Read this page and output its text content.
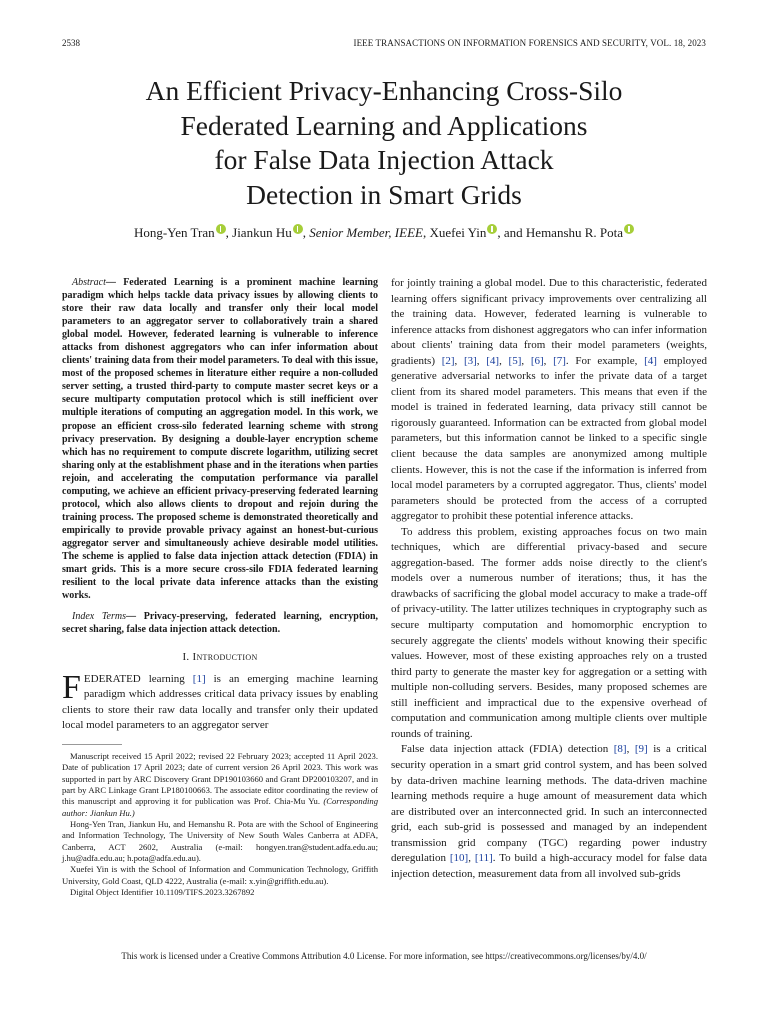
2538	IEEE TRANSACTIONS ON INFORMATION FORENSICS AND SECURITY, VOL. 18, 2023
An Efficient Privacy-Enhancing Cross-Silo
Federated Learning and Applications
for False Data Injection Attack
Detection in Smart Grids
Hong-Yen Tran , Jiankun Hu , Senior Member, IEEE, Xuefei Yin , and Hemanshu R. Pota

Abstract— Federated Learning is a prominent machine learning paradigm which helps tackle data privacy issues by allowing clients to store their raw data locally and transfer only their local model parameters to an aggregator server to collaboratively train a shared global model. However, federated learning is vulnerable to inference attacks from dishonest aggregators who can infer information about clients' training data from their model parameters. To deal with this issue, most of the proposed schemes in literature either require a non-colluded server setting, a trusted third-party to compute master secret keys or a secure multiparty computation protocol which is still inefficient over multiple iterations of computing an aggregation model. In this work, we propose an efficient cross-silo federated learning scheme with strong privacy preservation. By designing a double-layer encryption scheme which has no requirement to compute discrete logarithm, utilizing secret sharing only at the establishment phase and in the iterations when parties rejoin, and accelerating the computation performance via parallel computing, we achieve an efficient privacy-preserving federated learning protocol, which also allows clients to dropout and rejoin during the training process. The proposed scheme is demonstrated theoretically and empirically to provide provable privacy against an honest-but-curious aggregator server and simultaneously achieve desirable model utilities. The scheme is applied to false data injection attack detection (FDIA) in smart grids. This is a more secure cross-silo FDIA federated learning resilient to the local private data inference attacks than the existing works.

Index Terms— Privacy-preserving, federated learning, encryption, secret sharing, false data injection attack detection.

I. Introduction

FEDERATED learning [1] is an emerging machine learning paradigm which addresses critical data privacy issues by enabling clients to store their raw data locally and transfer only their updated local model parameters to an aggregator server

Manuscript received 15 April 2022; revised 22 February 2023; accepted 11 April 2023. Date of publication 17 April 2023; date of current version 26 April 2023. This work was supported in part by ARC Discovery Grant DP190103660 and Grant DP200103207, and in part by ARC Linkage Grant LP180100663. The associate editor coordinating the review of this manuscript and approving it for publication was Prof. Chia-Mu Yu. (Corresponding author: Jiankun Hu.)

Hong-Yen Tran, Jiankun Hu, and Hemanshu R. Pota are with the School of Engineering and Information Technology, The University of New South Wales Canberra at ADFA, Canberra, ACT 2602, Australia (e-mail: hongyen.tran@student.adfa.edu.au; j.hu@adfa.edu.au; h.pota@adfa.edu.au).

Xuefei Yin is with the School of Information and Communication Technology, Griffith University, Gold Coast, QLD 4222, Australia (e-mail: x.yin@griffith.edu.au).

Digital Object Identifier 10.1109/TIFS.2023.3267892

for jointly training a global model. Due to this characteristic, federated learning offers significant privacy improvements over centralizing all the training data. However, federated learning is vulnerable to inference attacks from dishonest aggregators who can infer information about clients' training data from their model parameters (weights, gradients) [2], [3], [4], [5], [6], [7]. For example, [4] employed generative adversarial networks to infer the private data of a target client from its shared model parameters. This means that even if the model is trained in federated learning, data privacy still cannot be rigorously guaranteed. Information can be extracted from global model parameters, but this information cannot be linked to a specific single client because the data samples are anonymized among multiple clients. However, this is not the case if the information is inferred from local model parameters by a corrupted aggregator. Thus, clients' model parameters should be protected from the access of a corrupted aggregator to prohibit these potential inference attacks.

To address this problem, existing approaches focus on two main techniques, which are differential privacy-based and secure aggregation-based. The former adds noise directly to the client's models over a numerous number of iterations; thus, it has the drawbacks of sacrificing the global model accuracy to make a trade-off of privacy-utility. The latter utilizes techniques in cryptography such as secure multiparty computation and homomorphic encryption to securely aggregate the clients' models without knowing their specific values. However, most of these existing approaches rely on a trusted third party to generate the master key for aggregation or a setting with multiple non-colluding servers. Besides, many proposed schemes are still inefficient and impractical due to the expensive overhead of computation and communication among multiple clients over multiple rounds of training.

False data injection attack (FDIA) detection [8], [9] is a critical security operation in a smart grid control system, and has been solved by data-driven machine learning methods. The data-driven machine learning methods require a huge amount of measurement data which are distributed over an interconnected grid. In such an interconnected grid, each sub-grid is possessed and managed by an independent transmission grid company (TGC) regarding power industry deregulation [10], [11]. To build a high-accuracy model for false data injection detection, measurement data from all involved sub-grids

This work is licensed under a Creative Commons Attribution 4.0 License. For more information, see https://creativecommons.org/licenses/by/4.0/
